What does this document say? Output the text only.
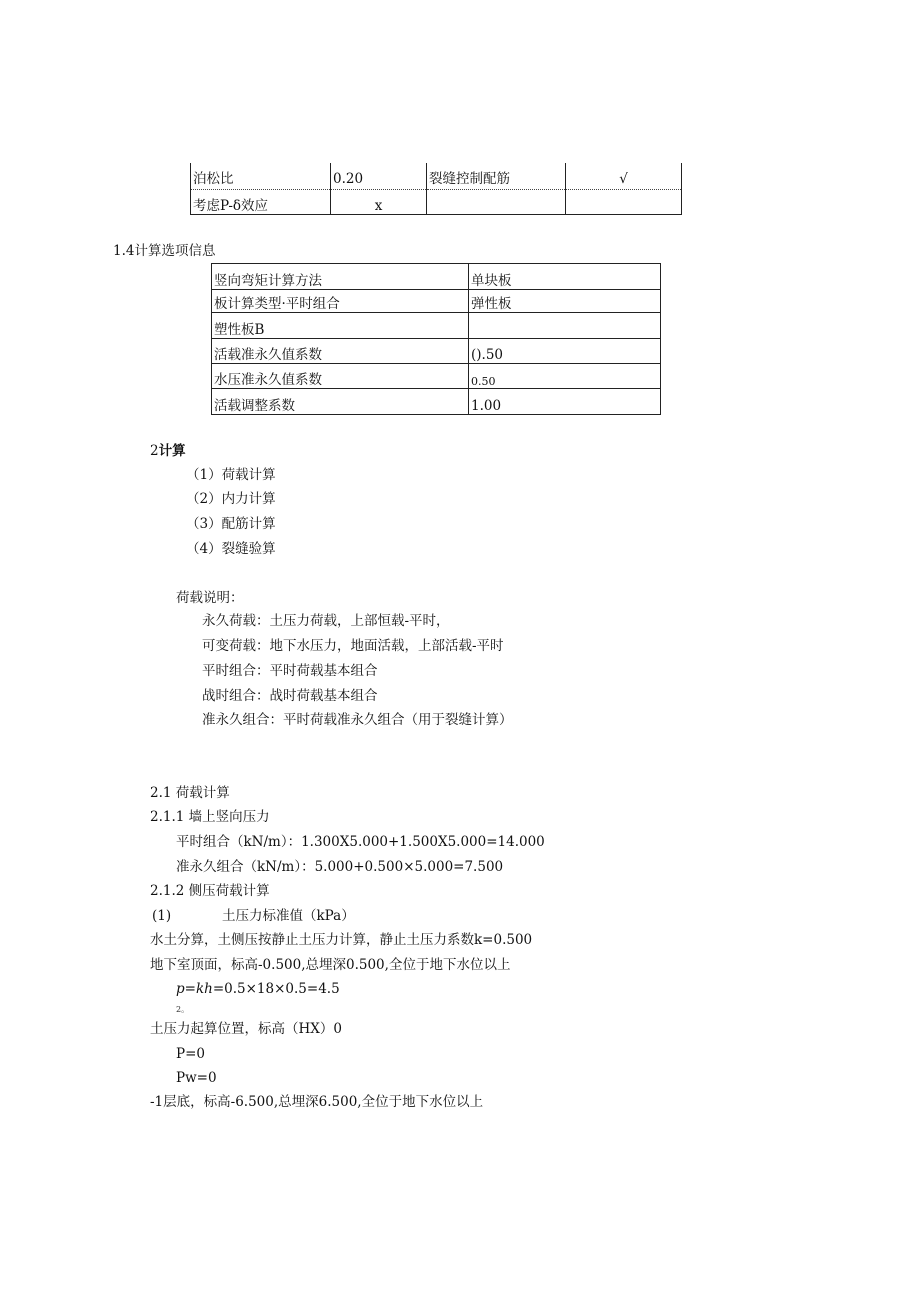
泊松比	0.20	裂缝控制配筋	√
考虑P-δ效应	x		
1.4计算选项信息
竖向弯矩计算方法	单块板
板计算类型·平时组合	弹性板
塑性板B	
活载准永久值系数	().50
水压准永久值系数	0.50
活载调整系数	1.00
2计算
（1）荷载计算
（2）内力计算
（3）配筋计算
（4）裂缝验算
荷载说明：
永久荷载：土压力荷载，上部恒载-平时，
可变荷载：地下水压力，地面活载，上部活载-平时
平时组合：平时荷载基本组合
战时组合：战时荷载基本组合
准永久组合：平时荷载准永久组合（用于裂缝计算）
2.1 荷载计算
2.1.1 墙上竖向压力
平时组合（kN/m）：1.300X5.000+1.500X5.000=14.000
准永久组合（kN/m）：5.000+0.500×5.000=7.500
2.1.2 侧压荷载计算
(1)	土压力标准值（kPa）
水土分算，土侧压按静止土压力计算，静止土压力系数k=0.500
地下室顶面，标高-0.500,总埋深0.500,全位于地下水位以上
p=kh=0.5×18×0.5=4.5
2。
土压力起算位置，标高（HX）0
P=0
Pw=0
-1层底，标高-6.500,总埋深6.500,全位于地下水位以上
